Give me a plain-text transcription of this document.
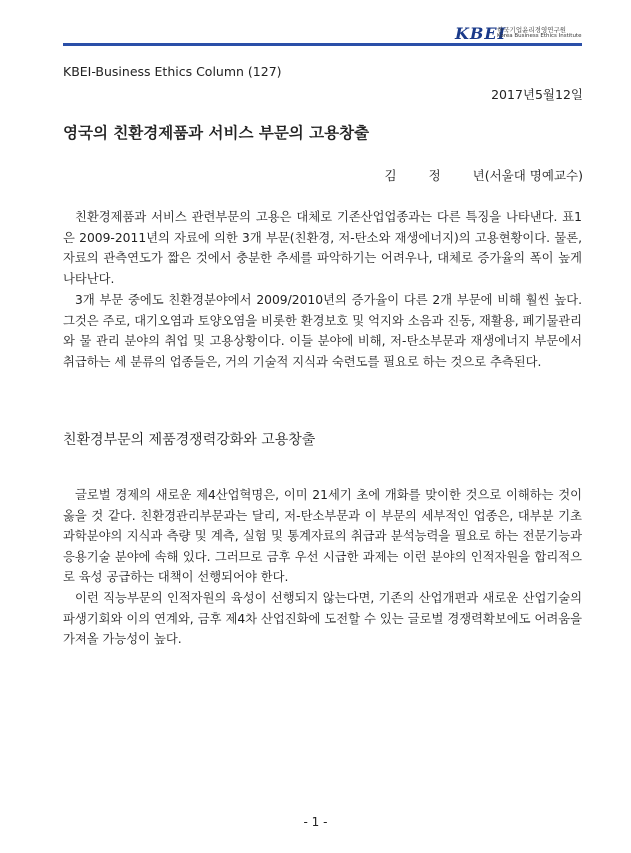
KBEI
한국기업윤리경영연구원
Korea Business Ethics Institute
KBEI-Business Ethics Column (127)
2017년5월12일
영국의 친환경제품과 서비스 부문의 고용창출
김 정 년(서울대 명예교수)

친환경제품과 서비스 관련부문의 고용은 대체로 기존산업업종과는 다른 특징을 나타낸다. 표1은 2009-2011년의 자료에 의한 3개 부문(친환경, 저-탄소와 재생에너지)의 고용현황이다. 물론, 자료의 관측연도가 짧은 것에서 충분한 추세를 파악하기는 어려우나, 대체로 증가율의 폭이 높게 나타난다.

3개 부문 중에도 친환경분야에서 2009/2010년의 증가율이 다른 2개 부문에 비해 훨씬 높다. 그것은 주로, 대기오염과 토양오염을 비롯한 환경보호 및 억지와 소음과 진동, 재활용, 폐기물관리와 물 관리 분야의 취업 및 고용상황이다. 이들 분야에 비해, 저-탄소부문과 재생에너지 부문에서 취급하는 세 분류의 업종들은, 거의 기술적 지식과 숙련도를 필요로 하는 것으로 추측된다.

친환경부문의 제품경쟁력강화와 고용창출

글로벌 경제의 새로운 제4산업혁명은, 이미 21세기 초에 개화를 맞이한 것으로 이해하는 것이 옳을 것 같다. 친환경관리부문과는 달리, 저-탄소부문과 이 부문의 세부적인 업종은, 대부분 기초과학분야의 지식과 측량 및 계측, 실험 및 통계자료의 취급과 분석능력을 필요로 하는 전문기능과 응용기술 분야에 속해 있다. 그러므로 금후 우선 시급한 과제는 이런 분야의 인적자원을 합리적으로 육성 공급하는 대책이 선행되어야 한다.

이런 직능부문의 인적자원의 육성이 선행되지 않는다면, 기존의 산업개편과 새로운 산업기술의 파생기회와 이의 연계와, 금후 제4차 산업진화에 도전할 수 있는 글로벌 경쟁력확보에도 어려움을 가져올 가능성이 높다.

- 1 -
